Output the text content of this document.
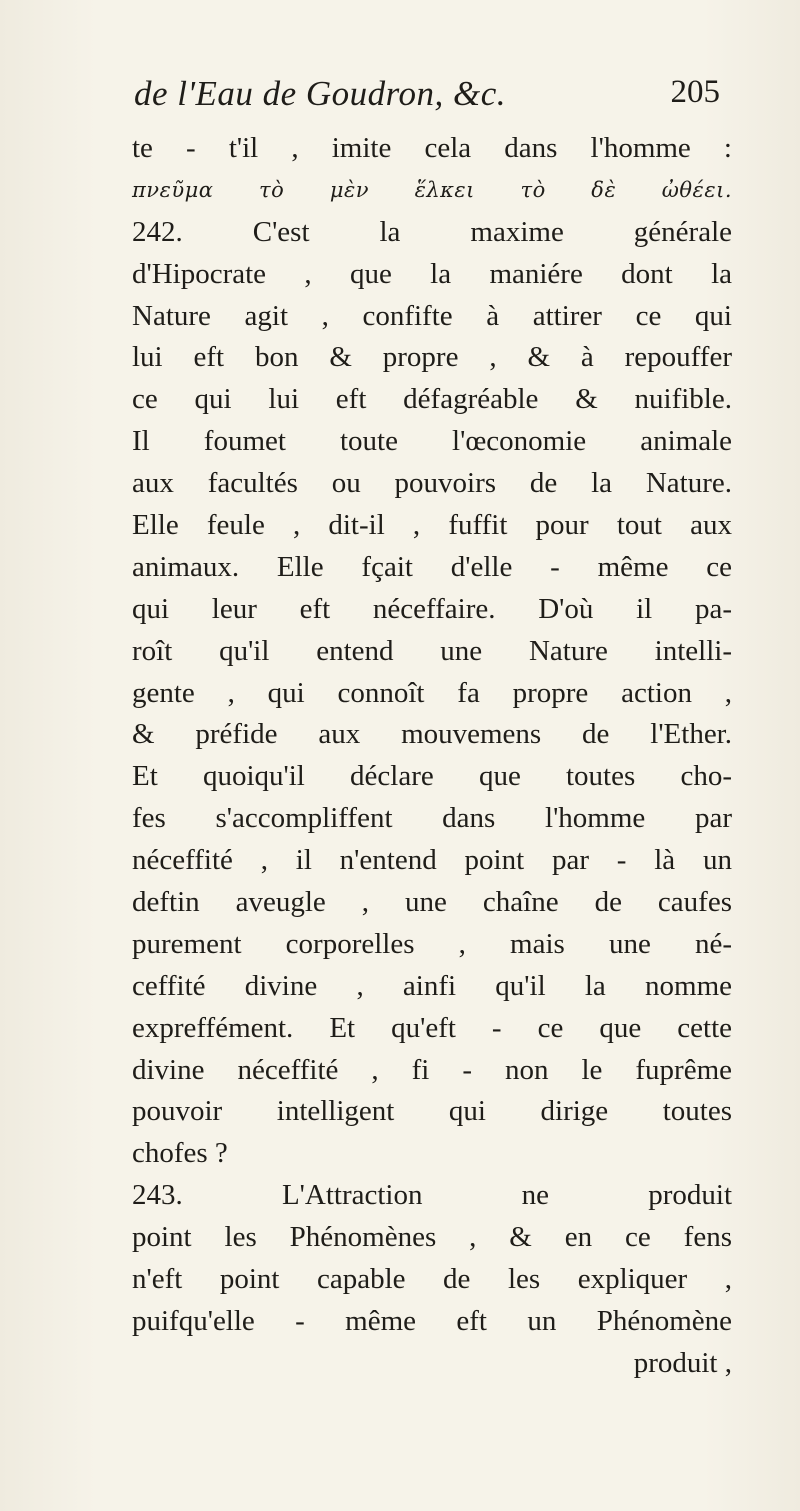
de l'Eau de Goudron, &c.	205
te - t'il , imite cela dans l'homme :
πνεῦμα τὸ μὲν ἕλκει τὸ δὲ ὠθέει.
242. C'est la maxime générale
d'Hipocrate , que la maniére dont la
Nature agit , confifte à attirer ce qui
lui eft bon & propre , & à repouffer
ce qui lui eft défagréable & nuifible.
Il foumet toute l'œconomie animale
aux facultés ou pouvoirs de la Nature.
Elle feule , dit-il , fuffit pour tout aux
animaux. Elle fçait d'elle - même ce
qui leur eft néceffaire. D'où il pa-
roît qu'il entend une Nature intelli-
gente , qui connoît fa propre action ,
& préfide aux mouvemens de l'Ether.
Et quoiqu'il déclare que toutes cho-
fes s'accompliffent dans l'homme par
néceffité , il n'entend point par - là un
deftin aveugle , une chaîne de caufes
purement corporelles , mais une né-
ceffité divine , ainfi qu'il la nomme
expreffément. Et qu'eft - ce que cette
divine néceffité , fi - non le fuprême
pouvoir intelligent qui dirige toutes
chofes ?
243. L'Attraction ne produit
point les Phénomènes , & en ce fens
n'eft point capable de les expliquer ,
puifqu'elle - même eft un Phénomène
produit ,
